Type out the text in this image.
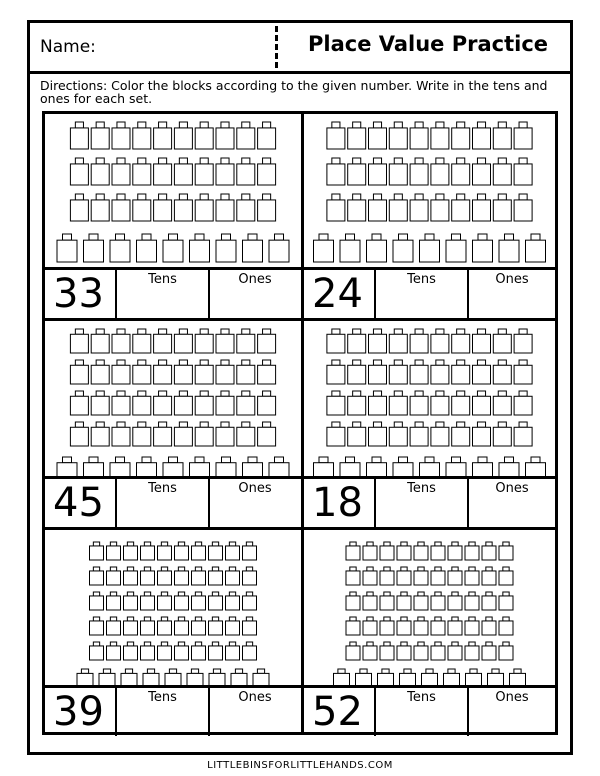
Name:	Place Value Practice
Directions: Color the blocks according to the given number. Write in the tens and ones for each set.
33	Tens	Ones	24	Tens	Ones
45	Tens	Ones	18	Tens	Ones
39	Tens	Ones	52	Tens	Ones
LITTLEBINSFORLITTLEHANDS.COM
